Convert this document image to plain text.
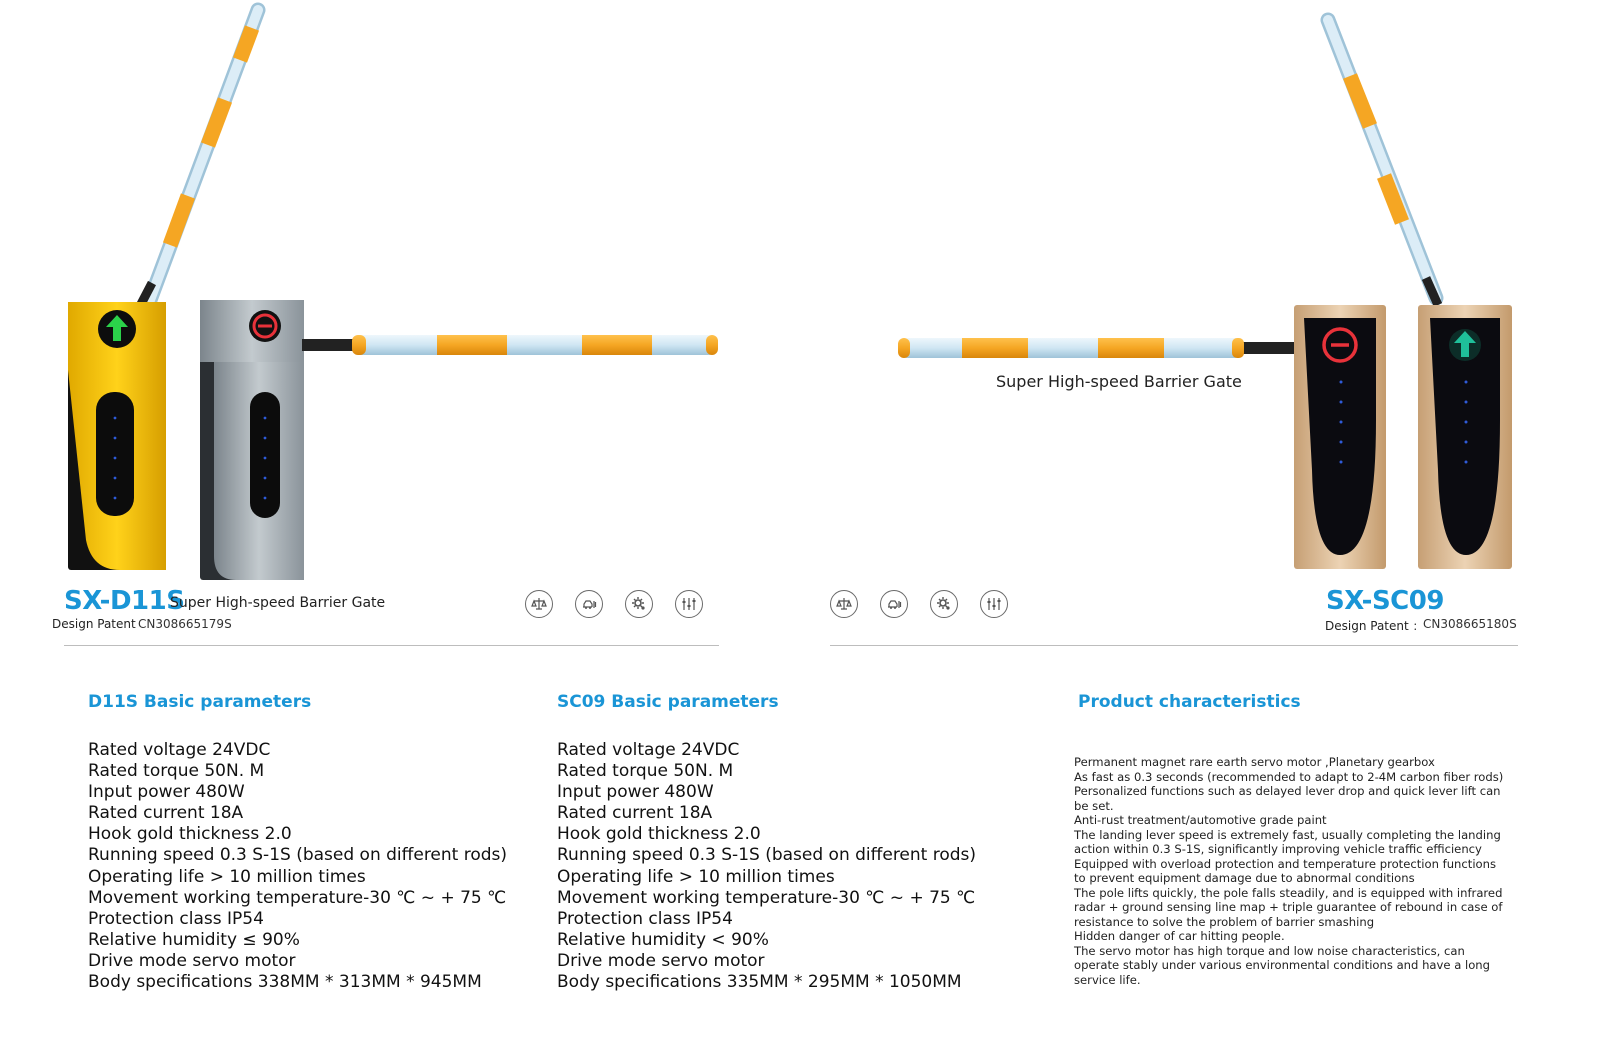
SX-D11S
Super High-speed Barrier Gate
Design Patent CN308665179S
Super High-speed Barrier Gate
SX-SC09
Design Patent ：
CN308665180S
D11S Basic parameters
Rated voltage 24VDC
Rated torque 50N. M
Input power 480W
Rated current 18A
Hook gold thickness 2.0
Running speed 0.3 S-1S (based on different rods)
Operating life > 10 million times
Movement working temperature-30 ℃ ~ + 75 ℃
Protection class IP54
Relative humidity ≤ 90%
Drive mode servo motor
Body specifications 338MM * 313MM * 945MM
SC09 Basic parameters
Rated voltage 24VDC
Rated torque 50N. M
Input power 480W
Rated current 18A
Hook gold thickness 2.0
Running speed 0.3 S-1S (based on different rods)
Operating life > 10 million times
Movement working temperature-30 ℃ ~ + 75 ℃
Protection class IP54
Relative humidity < 90%
Drive mode servo motor
Body specifications 335MM * 295MM * 1050MM
Product characteristics
Permanent magnet rare earth servo motor ,Planetary gearbox
As fast as 0.3 seconds (recommended to adapt to 2-4M carbon fiber rods)
Personalized functions such as delayed lever drop and quick lever lift can
be set.
Anti-rust treatment/automotive grade paint
The landing lever speed is extremely fast, usually completing the landing
action within 0.3 S-1S, significantly improving vehicle traffic efficiency
Equipped with overload protection and temperature protection functions
to prevent equipment damage due to abnormal conditions
The pole lifts quickly, the pole falls steadily, and is equipped with infrared
radar + ground sensing line map + triple guarantee of rebound in case of
resistance to solve the problem of barrier smashing
Hidden danger of car hitting people.
The servo motor has high torque and low noise characteristics, can
operate stably under various environmental conditions and have a long
service life.
